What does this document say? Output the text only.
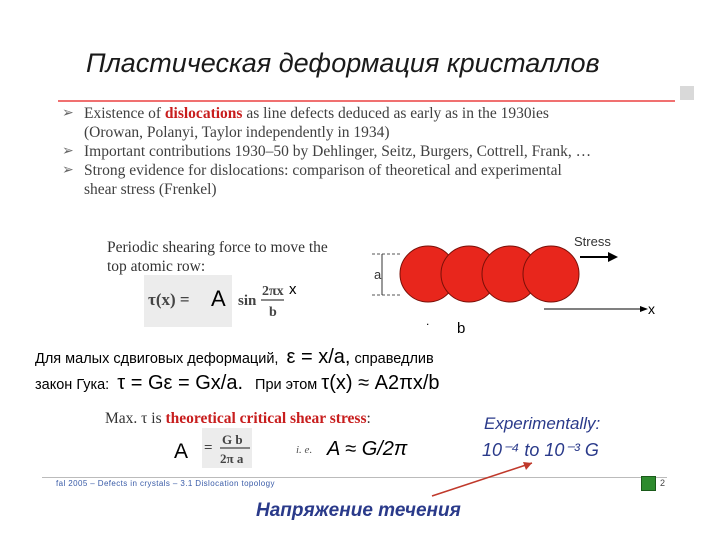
Пластическая деформация кристаллов
➢ Existence of dislocations as line defects deduced as early as in the 1930ies
(Orowan, Polanyi, Taylor independently in 1934)
➢ Important contributions 1930–50 by Dehlinger, Seitz, Burgers, Cottrell, Frank, …
➢ Strong evidence for dislocations: comparison of theoretical and experimental
shear stress (Frenkel)
Periodic shearing force to move the
top atomic row:
τ(x) = A sin
2πx
b
x
a
Stress
x
b
.
Для малых сдвиговых деформаций, ε = x/a, справедлив
закон Гука: τ = Gε = Gx/a. При этом τ(x) ≈ A2πx/b
Max. τ is theoretical critical shear stress:
A =
G b
2π a
i. e. A ≈ G/2π
Experimentally:
10⁻⁴ to 10⁻³ G
fal 2005 – Defects in crystals – 3.1 Dislocation topology	2
Напряжение течения
